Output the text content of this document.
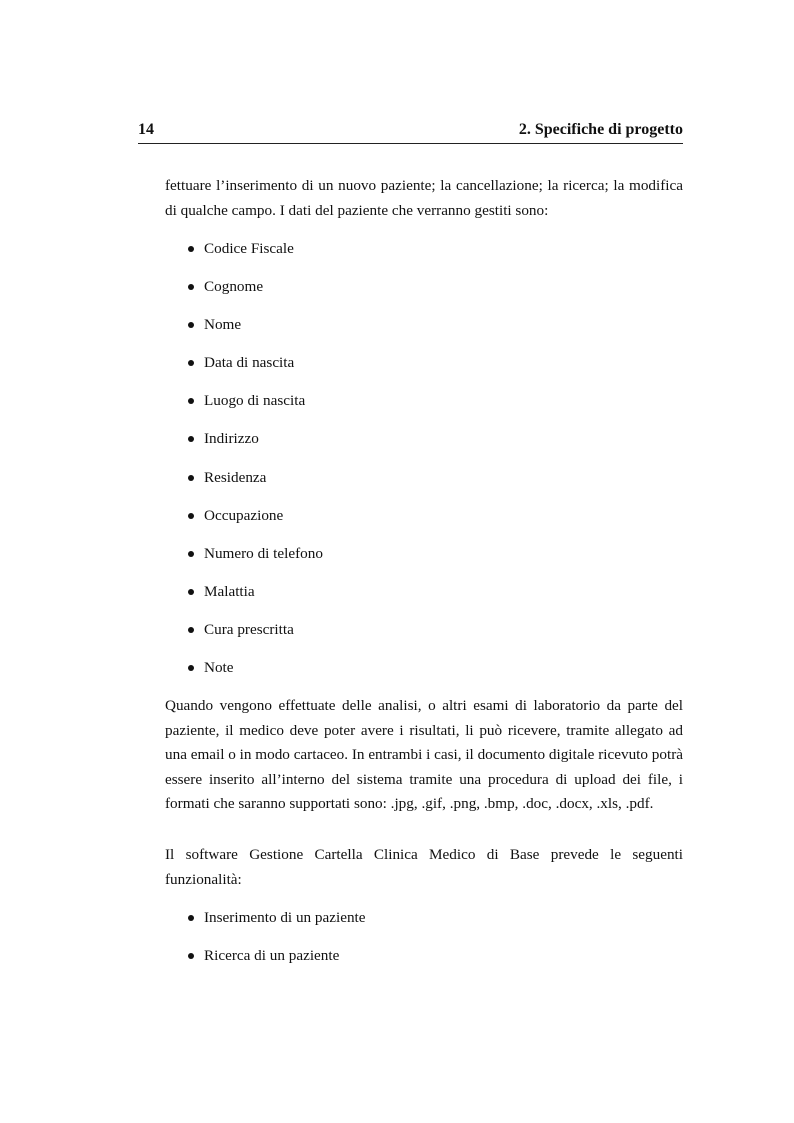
14	2. Specifiche di progetto

fettuare l’inserimento di un nuovo paziente; la cancellazione; la ricerca; la modifica di qualche campo. I dati del paziente che verranno gestiti sono:

Codice Fiscale
Cognome
Nome
Data di nascita
Luogo di nascita
Indirizzo
Residenza
Occupazione
Numero di telefono
Malattia
Cura prescritta
Note

Quando vengono effettuate delle analisi, o altri esami di laboratorio da parte del paziente, il medico deve poter avere i risultati, li può ricevere, tramite allegato ad una email o in modo cartaceo. In entrambi i casi, il documento digitale ricevuto potrà essere inserito all’interno del sistema tramite una procedura di upload dei file, i formati che saranno supportati sono: .jpg, .gif, .png, .bmp, .doc, .docx, .xls, .pdf.

Il software Gestione Cartella Clinica Medico di Base prevede le seguenti funzionalità:

Inserimento di un paziente
Ricerca di un paziente
